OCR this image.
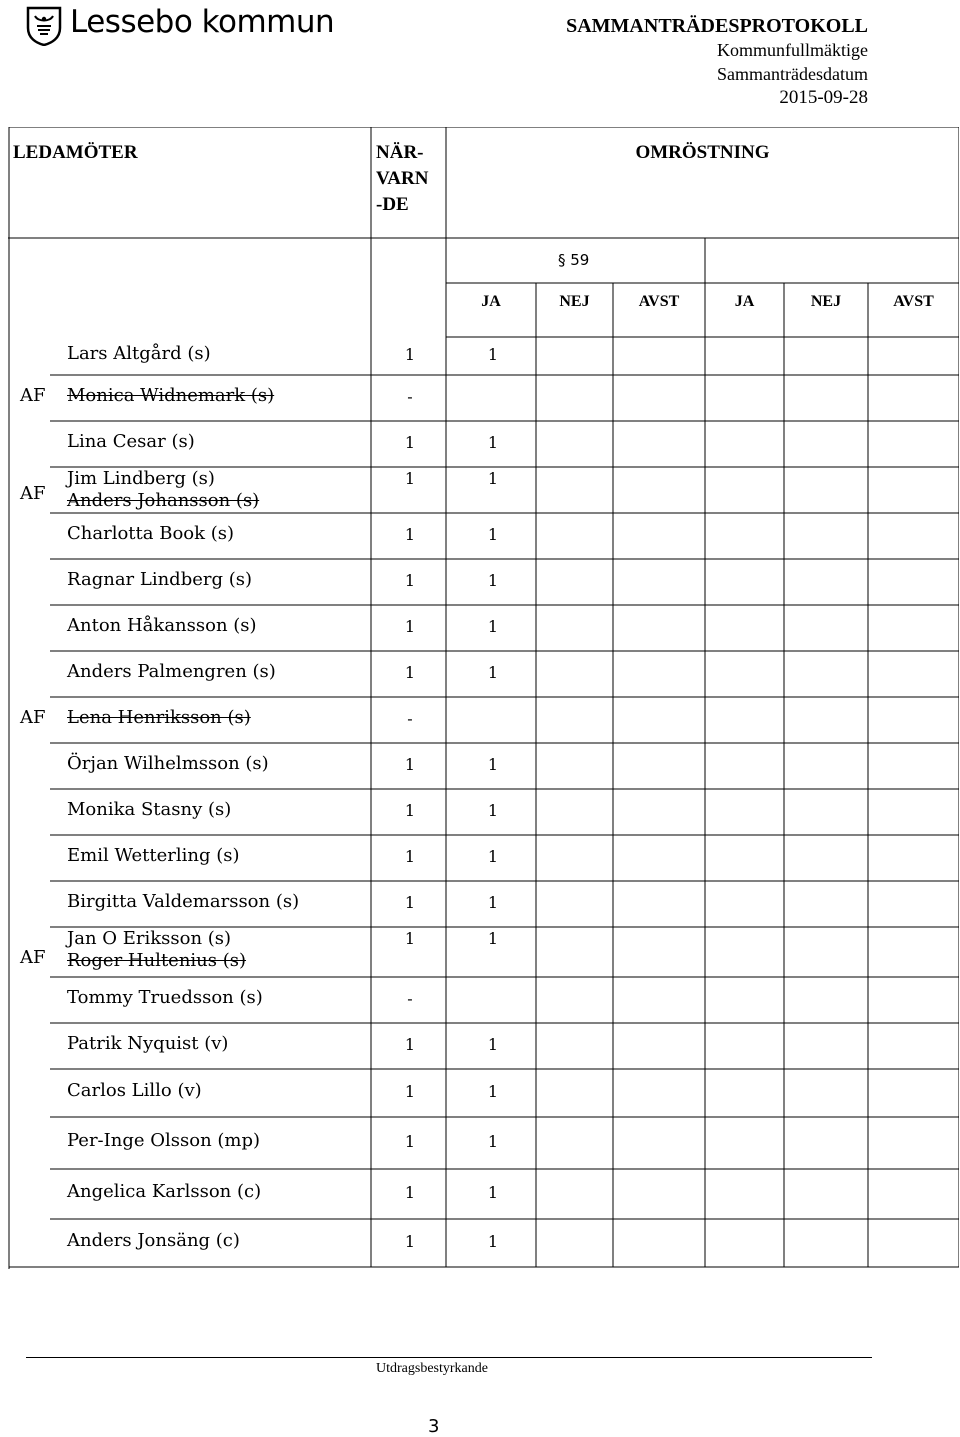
Lessebo kommun	SAMMANTRÄDESPROTOKOLL
Kommunfullmäktige
Sammanträdesdatum
2015-09-28
LEDAMÖTER	NÄR-
VARN
-DE
OMRÖSTNING
§ 59
JA	NEJ	AVST	JA	NEJ	AVST
Lars Altgård (s)	1	1
AF Monica Widnemark (s)	-
Lina Cesar (s)	1	1
AF
Jim Lindberg (s)
Anders Johansson (s)
1	1
Charlotta Book (s)	1	1
Ragnar Lindberg (s)	1	1
Anton Håkansson (s)	1	1
Anders Palmengren (s)	1	1
AF Lena Henriksson (s)	-
Örjan Wilhelmsson (s)	1	1
Monika Stasny (s)	1	1
Emil Wetterling (s)	1	1
Birgitta Valdemarsson (s)	1	1
AF
Jan O Eriksson (s)
Roger Hultenius (s)
1	1
Tommy Truedsson (s)	-
Patrik Nyquist (v)	1	1
Carlos Lillo (v)	1	1
Per-Inge Olsson (mp)	1	1
Angelica Karlsson (c)	1	1
Anders Jonsäng (c)	1	1
Utdragsbestyrkande
3
